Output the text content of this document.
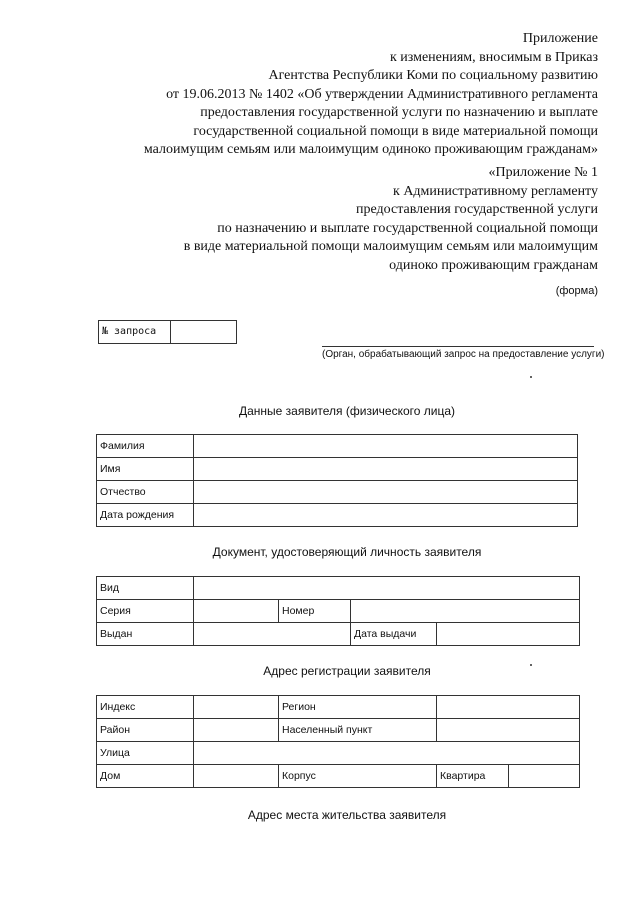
Приложение
к изменениям, вносимым в Приказ
Агентства Республики Коми по социальному развитию
от 19.06.2013 № 1402 «Об утверждении Административного регламента
предоставления государственной услуги по назначению и выплате
государственной социальной помощи в виде материальной помощи
малоимущим семьям или малоимущим одиноко проживающим гражданам»
«Приложение № 1
к Административному регламенту
предоставления государственной услуги
по назначению и выплате государственной социальной помощи
в виде материальной помощи малоимущим семьям или малоимущим
одиноко проживающим гражданам
(форма)
№ запроса
(Орган, обрабатывающий запрос на предоставление услуги)
Данные заявителя (физического лица)
Фамилия	
Имя	
Отчество	
Дата рождения	
Документ, удостоверяющий личность заявителя
Вид				
Серия		Номер		
Выдан			Дата выдачи	
Адрес регистрации заявителя
Индекс		Регион		
Район		Населенный пункт		
Улица				
Дом		Корпус	Квартира	
Адрес места жительства заявителя
